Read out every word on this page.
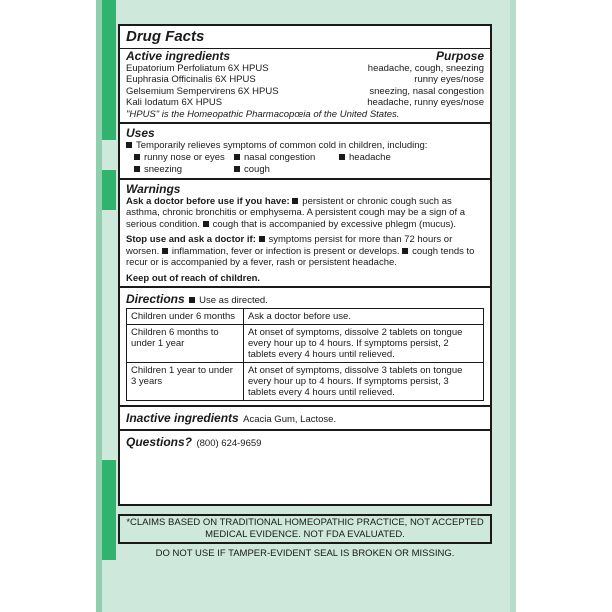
Drug Facts
Active ingredients	Purpose
Eupatorium Perfoliatum 6X HPUS	headache, cough, sneezing
Euphrasia Officinalis 6X HPUS	runny eyes/nose
Gelsemium Sempervirens 6X HPUS	sneezing, nasal congestion
Kali Iodatum 6X HPUS	headache, runny eyes/nose
"HPUS" is the Homeopathic Pharmacopœia of the United States.
Uses
Temporarily relieves symptoms of common cold in children, including:
runny nose or eyes	nasal congestion	headache
sneezing	cough
Warnings
Ask a doctor before use if you have: persistent or chronic cough such as asthma, chronic bronchitis or emphysema. A persistent cough may be a sign of a serious condition. cough that is accompanied by excessive phlegm (mucus).
Stop use and ask a doctor if: symptoms persist for more than 72 hours or worsen. inflammation, fever or infection is present or develops. cough tends to recur or is accompanied by a fever, rash or persistent headache.
Keep out of reach of children.
Directions Use as directed.
Children under 6 months	Ask a doctor before use.
Children 6 months to under 1 year	At onset of symptoms, dissolve 2 tablets on tongue every hour up to 4 hours. If symptoms persist, 2 tablets every 4 hours until relieved.
Children 1 year to under 3 years	At onset of symptoms, dissolve 3 tablets on tongue every hour up to 4 hours. If symptoms persist, 3 tablets every 4 hours until relieved.
Inactive ingredients Acacia Gum, Lactose.
Questions? (800) 624-9659
*CLAIMS BASED ON TRADITIONAL HOMEOPATHIC PRACTICE, NOT ACCEPTED MEDICAL EVIDENCE. NOT FDA EVALUATED.
DO NOT USE IF TAMPER-EVIDENT SEAL IS BROKEN OR MISSING.
